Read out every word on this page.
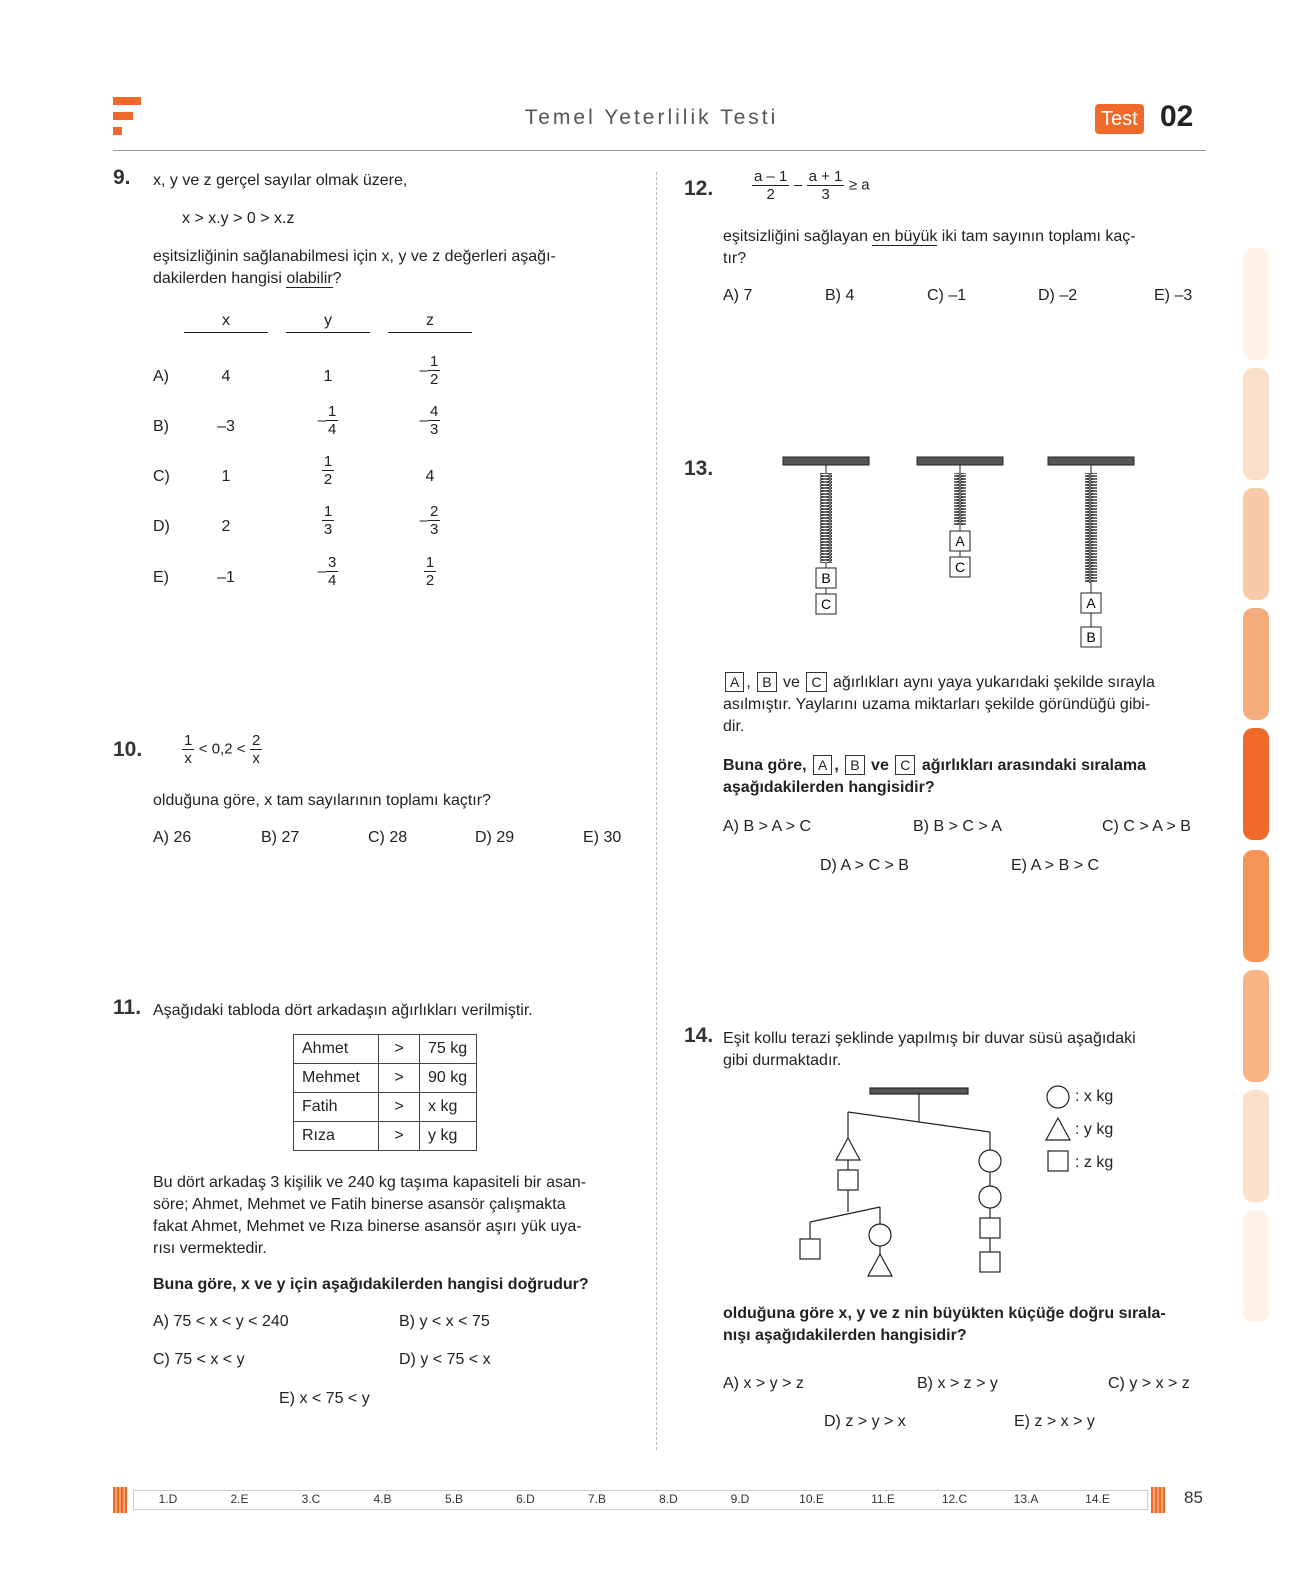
Temel Yeterlilik Testi	Test 02
9. x, y ve z gerçel sayılar olmak üzere,
x > x.y > 0 > x.z
eşitsizliğinin sağlanabilmesi için x, y ve z değerleri aşağı-
dakilerden hangisi olabilir?
x	y	z
A)	4	1	– $\frac{1}{2}$
B)	–3	– $\frac{1}{4}$	– $\frac{4}{3}$
C)	1	$\frac{1}{2}$	4
D)	2	$\frac{1}{3}$	– $\frac{2}{3}$
E)	–1	– $\frac{3}{4}$	$\frac{1}{2}$
10.	$\frac{1}{x} < 0,2 < \frac{2}{x}$
olduğuna göre, x tam sayılarının toplamı kaçtır?
A) 26	B) 27	C) 28	D) 29	E) 30
11. Aşağıdaki tabloda dört arkadaşın ağırlıkları verilmiştir.
Ahmet	>	75 kg
Mehmet	>	90 kg
Fatih	>	x kg
Rıza	>	y kg
Bu dört arkadaş 3 kişilik ve 240 kg taşıma kapasiteli bir asan-
söre; Ahmet, Mehmet ve Fatih binerse asansör çalışmakta
fakat Ahmet, Mehmet ve Rıza binerse asansör aşırı yük uya-
rısı vermektedir.
Buna göre, x ve y için aşağıdakilerden hangisi doğrudur?
A) 75 < x < y < 240	B) y < x < 75
C) 75 < x < y	D) y < 75 < x
E) x < 75 < y
12.	$\frac{a - 1}{2} - \frac{a + 1}{3} \ge a$
eşitsizliğini sağlayan en büyük iki tam sayının toplamı kaç-
tır?
A) 7	B) 4	C) –1	D) –2	E) –3
13.
B
C
A
C
A
B
A , B ve C ağırlıkları aynı yaya yukarıdaki şekilde sırayla
asılmıştır. Yaylarını uzama miktarları şekilde göründüğü gibi-
dir.
Buna göre, A , B ve C ağırlıkları arasındaki sıralama
aşağıdakilerden hangisidir?
A) B > A > C	B) B > C > A	C) C > A > B
D) A > C > B	E) A > B > C
14. Eşit kollu terazi şeklinde yapılmış bir duvar süsü aşağıdaki
gibi durmaktadır.
: x kg
: y kg
: z kg
olduğuna göre x, y ve z nin büyükten küçüğe doğru sırala-
nışı aşağıdakilerden hangisidir?
A) x > y > z	B) x > z > y	C) y > x > z
D) z > y > x	E) z > x > y
1.D	2.E	3.C	4.B	5.B	6.D	7.B	8.D	9.D	10.E	11.E	12.C	13.A	14.E	85
